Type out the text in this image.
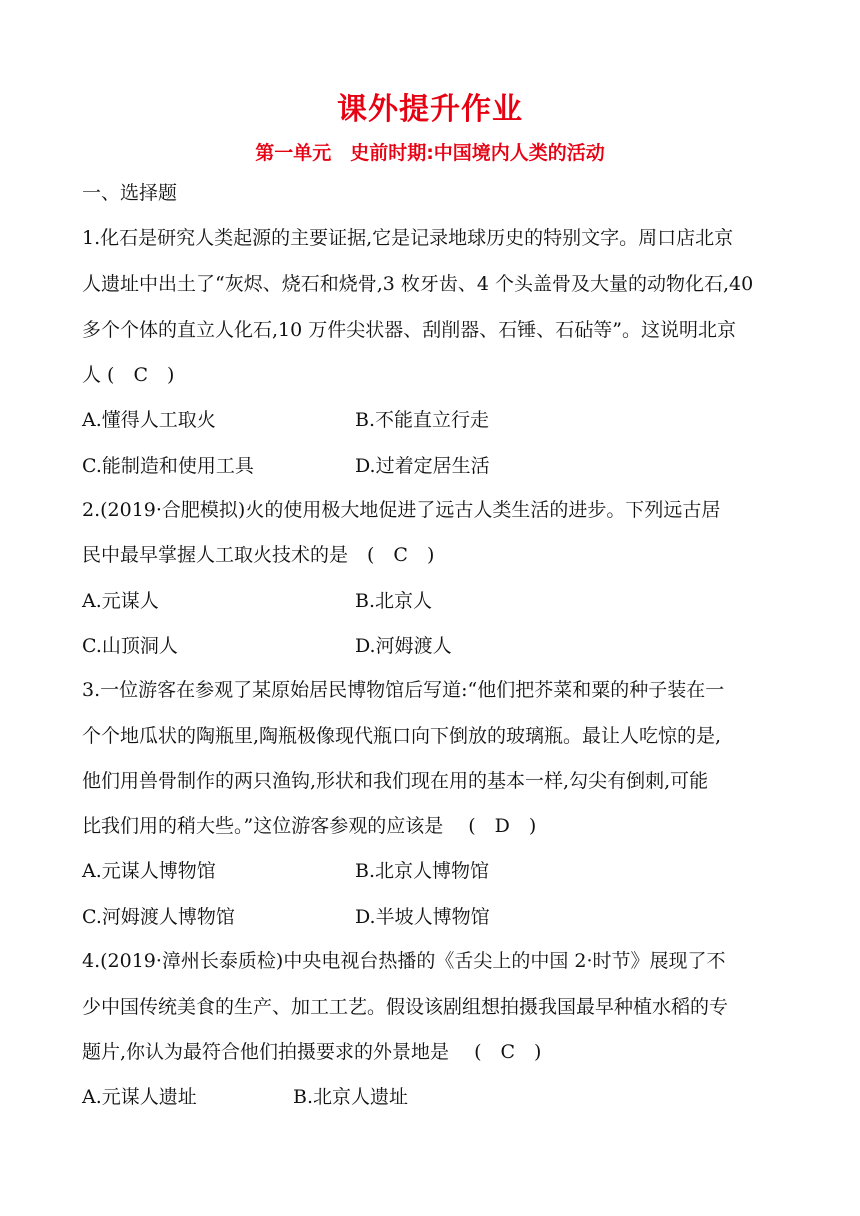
课外提升作业
第一单元　史前时期:中国境内人类的活动
一、选择题
1.化石是研究人类起源的主要证据,它是记录地球历史的特别文字。周口店北京
人遗址中出土了“灰烬、烧石和烧骨,3 枚牙齿、4 个头盖骨及大量的动物化石,40
多个个体的直立人化石,10 万件尖状器、刮削器、石锤、石砧等”。这说明北京
人 (　C　)
A.懂得人工取火	B.不能直立行走
C.能制造和使用工具	D.过着定居生活
2.(2019·合肥模拟)火的使用极大地促进了远古人类生活的进步。下列远古居
民中最早掌握人工取火技术的是　(　C　)
A.元谋人	B.北京人
C.山顶洞人	D.河姆渡人
3.一位游客在参观了某原始居民博物馆后写道:“他们把芥菜和粟的种子装在一
个个地瓜状的陶瓶里,陶瓶极像现代瓶口向下倒放的玻璃瓶。最让人吃惊的是,
他们用兽骨制作的两只渔钩,形状和我们现在用的基本一样,勾尖有倒刺,可能
比我们用的稍大些。”这位游客参观的应该是　 (　D　)
A.元谋人博物馆	B.北京人博物馆
C.河姆渡人博物馆	D.半坡人博物馆
4.(2019·漳州长泰质检)中央电视台热播的《舌尖上的中国 2·时节》展现了不
少中国传统美食的生产、加工工艺。假设该剧组想拍摄我国最早种植水稻的专
题片,你认为最符合他们拍摄要求的外景地是　 (　C　)
A.元谋人遗址	B.北京人遗址
